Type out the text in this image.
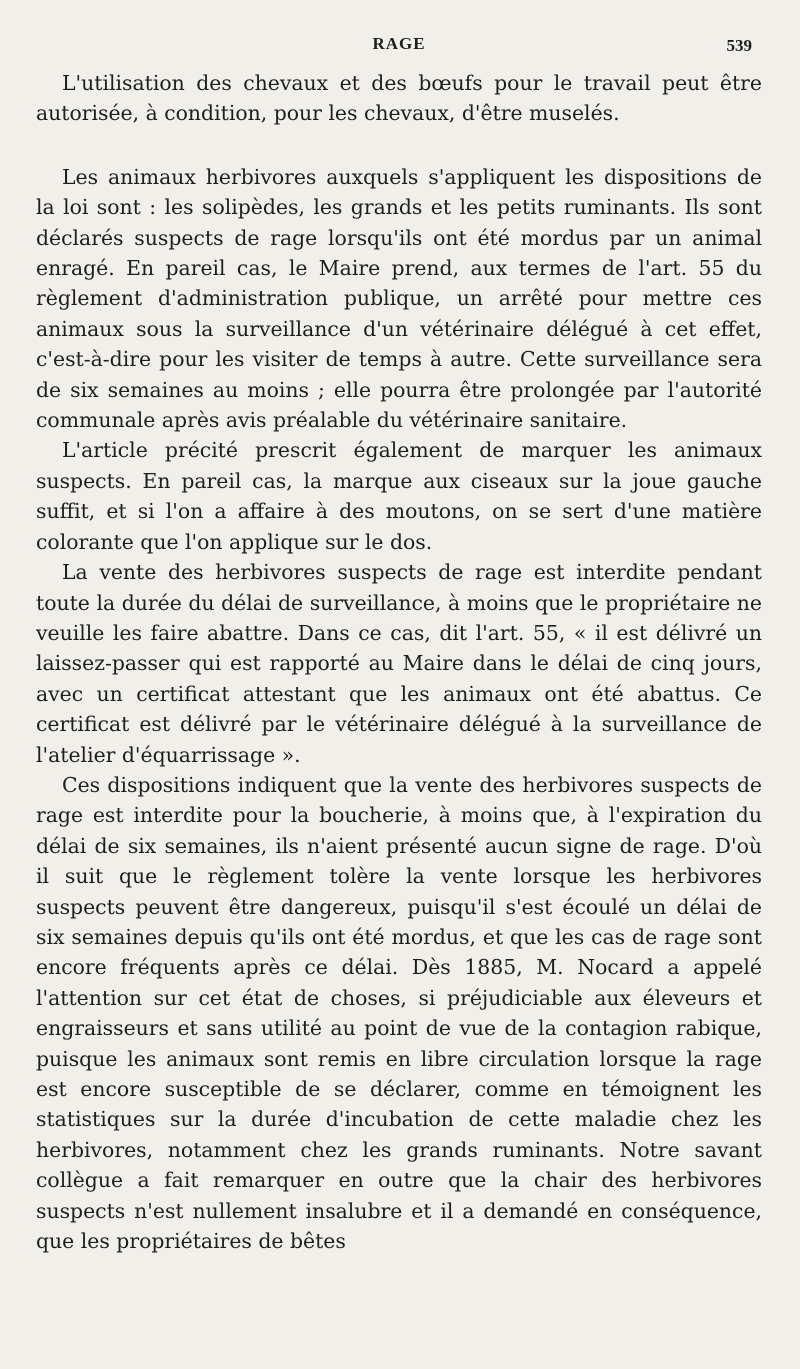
RAGE	539

L'utilisation des chevaux et des bœufs pour le travail peut être autorisée, à condition, pour les chevaux, d'être muselés.

Les animaux herbivores auxquels s'appliquent les dispositions de la loi sont : les solipèdes, les grands et les petits ruminants. Ils sont déclarés suspects de rage lorsqu'ils ont été mordus par un animal enragé. En pareil cas, le Maire prend, aux termes de l'art. 55 du règlement d'administration publique, un arrêté pour mettre ces animaux sous la surveillance d'un vétérinaire délégué à cet effet, c'est-à-dire pour les visiter de temps à autre. Cette surveillance sera de six semaines au moins ; elle pourra être prolongée par l'autorité communale après avis préalable du vétérinaire sanitaire.

L'article précité prescrit également de marquer les animaux suspects. En pareil cas, la marque aux ciseaux sur la joue gauche suffit, et si l'on a affaire à des moutons, on se sert d'une matière colorante que l'on applique sur le dos.

La vente des herbivores suspects de rage est interdite pendant toute la durée du délai de surveillance, à moins que le propriétaire ne veuille les faire abattre. Dans ce cas, dit l'art. 55, « il est délivré un laissez-passer qui est rapporté au Maire dans le délai de cinq jours, avec un certificat attestant que les animaux ont été abattus. Ce certificat est délivré par le vétérinaire délégué à la surveillance de l'atelier d'équarrissage ».

Ces dispositions indiquent que la vente des herbivores suspects de rage est interdite pour la boucherie, à moins que, à l'expiration du délai de six semaines, ils n'aient présenté aucun signe de rage. D'où il suit que le règlement tolère la vente lorsque les herbivores suspects peuvent être dangereux, puisqu'il s'est écoulé un délai de six semaines depuis qu'ils ont été mordus, et que les cas de rage sont encore fréquents après ce délai. Dès 1885, M. Nocard a appelé l'attention sur cet état de choses, si préjudiciable aux éleveurs et engraisseurs et sans utilité au point de vue de la contagion rabique, puisque les animaux sont remis en libre circulation lorsque la rage est encore susceptible de se déclarer, comme en témoignent les statistiques sur la durée d'incubation de cette maladie chez les herbivores, notamment chez les grands ruminants. Notre savant collègue a fait remarquer en outre que la chair des herbivores suspects n'est nullement insalubre et il a demandé en conséquence, que les propriétaires de bêtes
